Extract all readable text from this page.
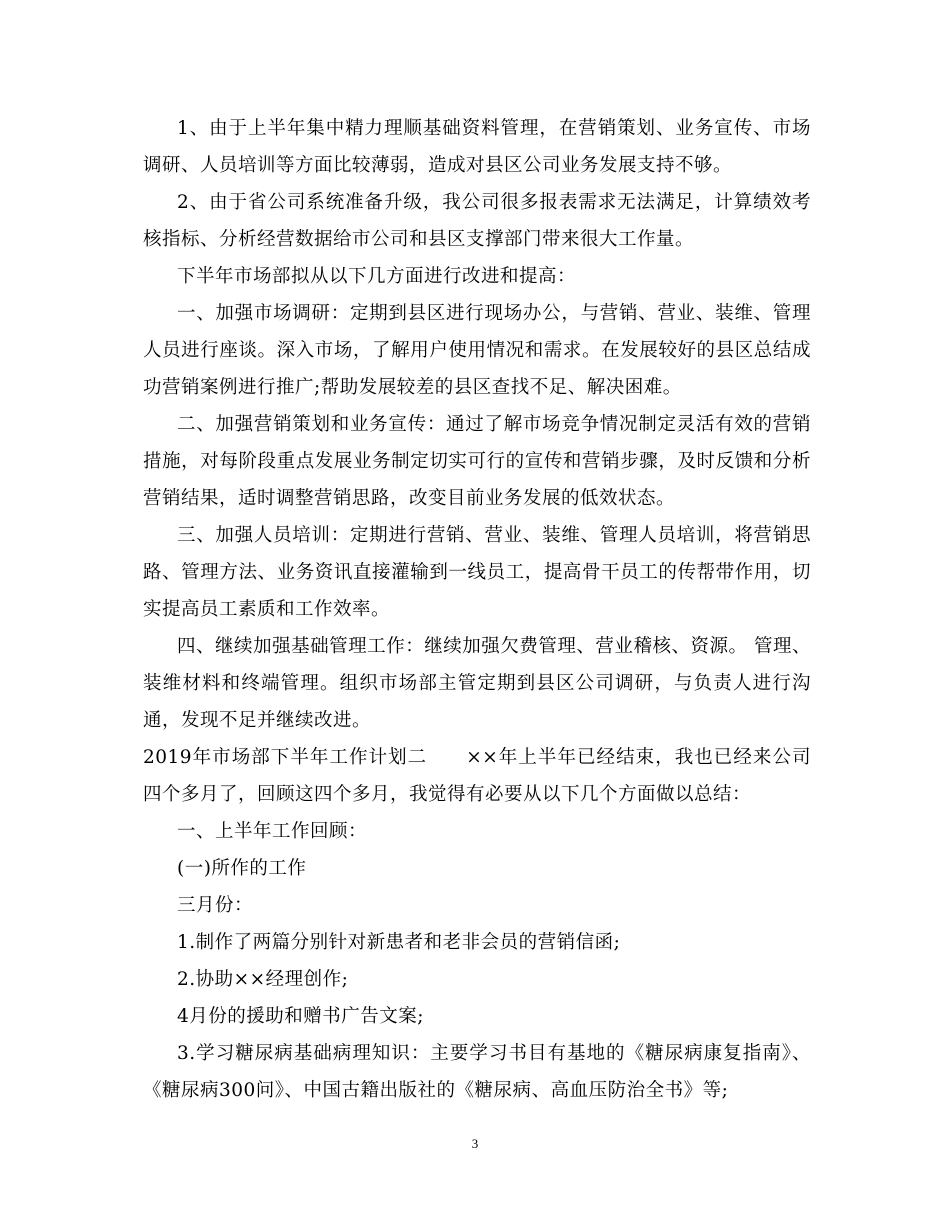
1、由于上半年集中精力理顺基础资料管理，在营销策划、业务宣传、市场调研、人员培训等方面比较薄弱，造成对县区公司业务发展支持不够。

2、由于省公司系统准备升级，我公司很多报表需求无法满足，计算绩效考核指标、分析经营数据给市公司和县区支撑部门带来很大工作量。

下半年市场部拟从以下几方面进行改进和提高：

一、加强市场调研：定期到县区进行现场办公，与营销、营业、装维、管理人员进行座谈。深入市场，了解用户使用情况和需求。在发展较好的县区总结成功营销案例进行推广;帮助发展较差的县区查找不足、解决困难。

二、加强营销策划和业务宣传：通过了解市场竞争情况制定灵活有效的营销措施，对每阶段重点发展业务制定切实可行的宣传和营销步骤，及时反馈和分析营销结果，适时调整营销思路，改变目前业务发展的低效状态。

三、加强人员培训：定期进行营销、营业、装维、管理人员培训，将营销思路、管理方法、业务资讯直接灌输到一线员工，提高骨干员工的传帮带作用，切实提高员工素质和工作效率。

四、继续加强基础管理工作：继续加强欠费管理、营业稽核、资源。 管理、装维材料和终端管理。组织市场部主管定期到县区公司调研，与负责人进行沟通，发现不足并继续改进。

2019年市场部下半年工作计划二　　××年上半年已经结束，我也已经来公司四个多月了，回顾这四个多月，我觉得有必要从以下几个方面做以总结：

一、上半年工作回顾：

(一)所作的工作

三月份：

1.制作了两篇分别针对新患者和老非会员的营销信函;

2.协助××经理创作;

4月份的援助和赠书广告文案;

3.学习糖尿病基础病理知识：主要学习书目有基地的《糖尿病康复指南》、《糖尿病300问》、中国古籍出版社的《糖尿病、高血压防治全书》等;

3
